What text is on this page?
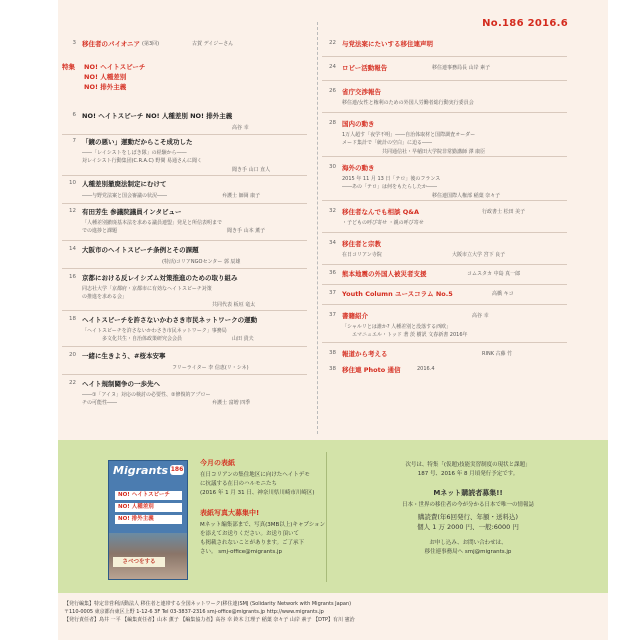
No.186 2016.6
3 移住者のパイオニア (第3回)	古賀 デイジーさん
特集 NO! ヘイトスピーチ
NO! 人種差別
NO! 排外主義
6 NO! ヘイトスピーチ NO! 人種差別 NO! 排外主義
高谷 幸
7 「鏡の悪い」運動だからこそ成功した
――「レイシストをしばき隊」の経験から――
対レイシスト行動集団(C.R.A.C) 野間 易通さんに聞く
聞き手 山口 直人
10 人種差別撤廃法制定にむけて
――与野党法案と国会審議の状況――	弁護士 師岡 康子
12 有田芳生 参議院議員インタビュー
「人種差別撤廃基本法を求める議員連盟」発足と所信表明まで
での進捗と課題	聞き手 山本 薫子
14 大阪市のヘイトスピーチ条例とその課題
(特活)コリアNGOセンター 郭 辰雄
16 京都における反レイシズム対策推進のための取り組み
同志社大学「京都府・京都市に有効なヘイトスピーチ対策
の推進を求める会」
共同代表 板垣 竜太
18 ヘイトスピーチを許さないかわさき市民ネットワークの運動
「ヘイトスピーチを許さないかわさき市民ネットワーク」事務局
多文化共生・自治体政策研究会会員	山田 貴夫
20 一緒に生きよう、#桜本安寧
フリーライター 李 信恵(リ・シネ)
22 ヘイト規制闘争の一歩先へ
――①「アイヌ」対応の検討の必要性、②修復的アプロー
チの可能性――	弁護士 富増 四季
22 与党法案にたいする移住連声明
24 ロビー活動報告	移住連事務局長 山岸 素子
26 省庁交渉報告
移住連/女性と権利のための外国人労働者総行動実行委員会
28 国内の動き
1万人超す「夜学不明」――自治体取材と国際調査オーダー
メード集計で「統計の空白」に迫る――
共同通信社・早稲田大学院非常勤講師 澤 康臣
30 海外の動き
2015 年 11 月 13 日「テロ」後のフランス
――あの「テロ」は何をもたらしたか――
移住連国際人権部 稲葉 奈々子
32 移住者なんでも相談 Q&A
・子どもの呼び寄せ ・親の呼び寄せ
行政書士 松田 美子
34 移住者と宗教
在日コリアン寺院	大阪市立大学 宮下 良子
36 熊本地震の外国人被災者支援	コムスタカ 中島 真一郎
37 Youth Column ユースコラム No.5	高橋 キコ
37 書籍紹介	高谷 幸
「シャルリとは誰か? 人種差別と没落する西欧」
エマニュエル・トッド 著 茨 樹訳 文春新書 2016年
38 報道から考える	RINK 古藤 竹
38 移住連 Photo 通信	2016.4
Migrants 186
NO! ヘイトスピーチ
NO! 人種差別
NO! 排外主義
さべつをする
今月の表紙
在日コリアンの集住地区に向けたヘイトデモ
に抗議する在日のハルモニたち
(2016 年 1 月 31 日、神奈川県川崎市川崎区)
表紙写真大募集中!
Mネット編集部まで、写真(3MB以上)キャプション
を添えてお送りください。お送り頂いて
も掲載されないことがあります。ご了承下
さい。 smj-office@migrants.jp
次号は、特集「(仮題)技能実習制度の現状と課題」
187 号、2016 年 8 月頃発行予定です。
Mネット購読者募集!!
日本・世界の移住者の今が分かる日本で唯一の情報誌
購読費(年6回発行、年額・送料込)
個人 1 万 2000 円、一般:6000 円
お申し込み、お問い合わせは、
移住連事務局へ smj@migrants.jp
【発行編集】特定非営利活動法人 移住者と連帯する全国ネットワーク(移住連)SMJ (Solidarity Network with Migrants Japan)
〒110-0005 東京都台東区上野 1-12-6 3F Tel 03-3837-2316 smj-office@migrants.jp http://www.migrants.jp
【発行責任者】鳥井 一平 【編集責任者】山本 薫子 【編集協力者】高谷 幸 鈴木 江理子 稲葉 奈々子 山岸 素子 【DTP】有川 憲治
